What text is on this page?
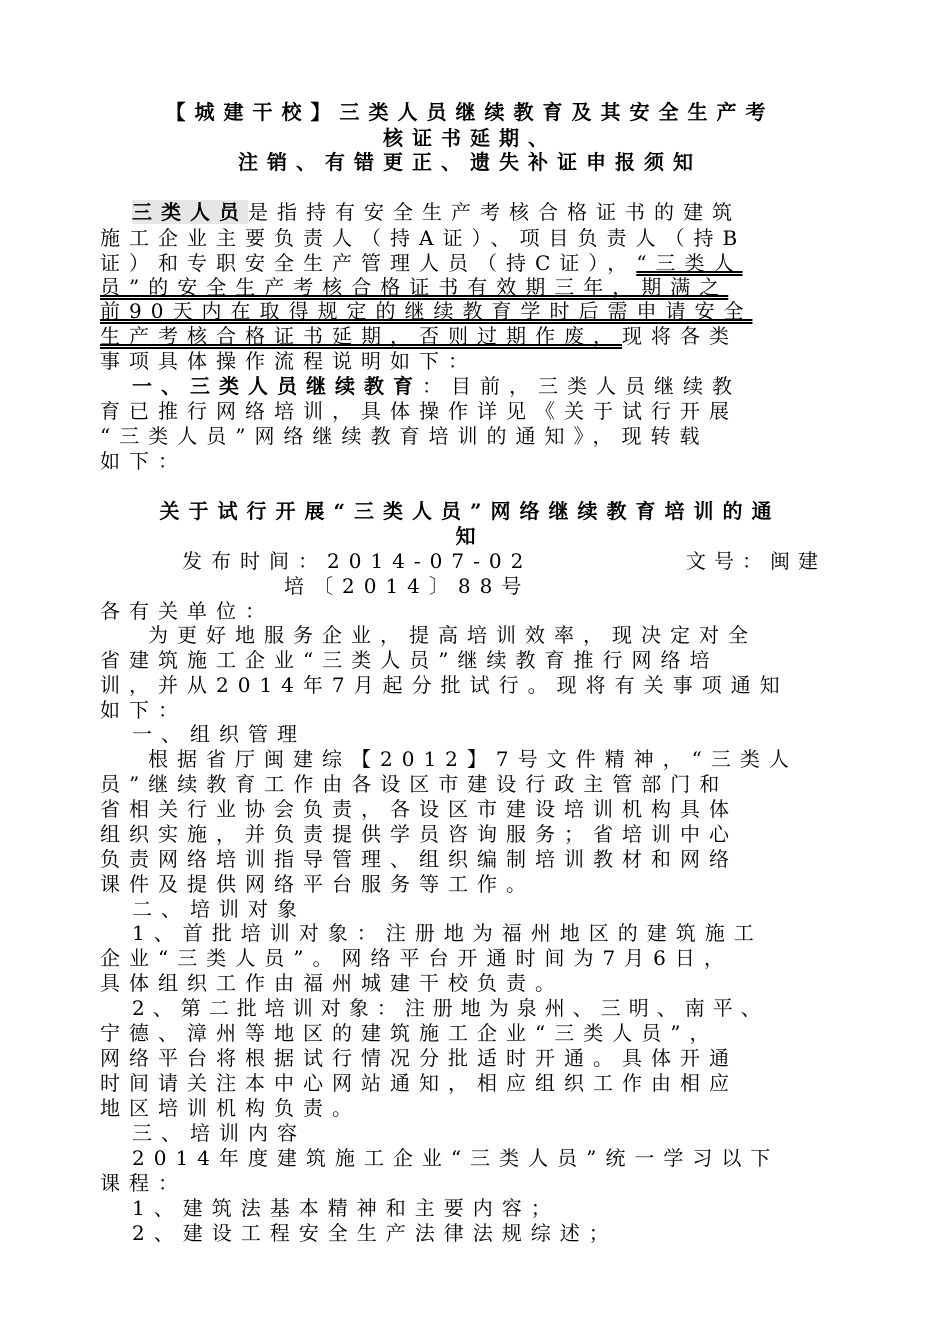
【城建干校】三类人员继续教育及其安全生产考
核证书延期、
注销、有错更正、遗失补证申报须知
三类人员是指持有安全生产考核合格证书的建筑
施工企业主要负责人（持A证）、项目负责人（持B
证）和专职安全生产管理人员（持C证），“三类人
员”的安全生产考核合格证书有效期三年，期满之
前90天内在取得规定的继续教育学时后需申请安全
生产考核合格证书延期，否则过期作废，现将各类
事项具体操作流程说明如下：
一、三类人员继续教育：目前，三类人员继续教
育已推行网络培训，具体操作详见《关于试行开展
“三类人员”网络继续教育培训的通知》，现转载
如下：
关于试行开展“三类人员”网络继续教育培训的通
知
发布时间：2014-07-02	文号：闽建
培〔2014〕88号
各有关单位：
为更好地服务企业，提高培训效率，现决定对全
省建筑施工企业“三类人员”继续教育推行网络培
训，并从2014年7月起分批试行。现将有关事项通知
如下：
一、组织管理
根据省厅闽建综【2012】7号文件精神，“三类人
员”继续教育工作由各设区市建设行政主管部门和
省相关行业协会负责，各设区市建设培训机构具体
组织实施，并负责提供学员咨询服务；省培训中心
负责网络培训指导管理、组织编制培训教材和网络
课件及提供网络平台服务等工作。
二、培训对象
1、首批培训对象：注册地为福州地区的建筑施工
企业“三类人员”。网络平台开通时间为7月6日，
具体组织工作由福州城建干校负责。
2、第二批培训对象：注册地为泉州、三明、南平、
宁德、漳州等地区的建筑施工企业“三类人员”，
网络平台将根据试行情况分批适时开通。具体开通
时间请关注本中心网站通知，相应组织工作由相应
地区培训机构负责。
三、培训内容
2014年度建筑施工企业“三类人员”统一学习以下
课程：
1、建筑法基本精神和主要内容；
2、建设工程安全生产法律法规综述；
